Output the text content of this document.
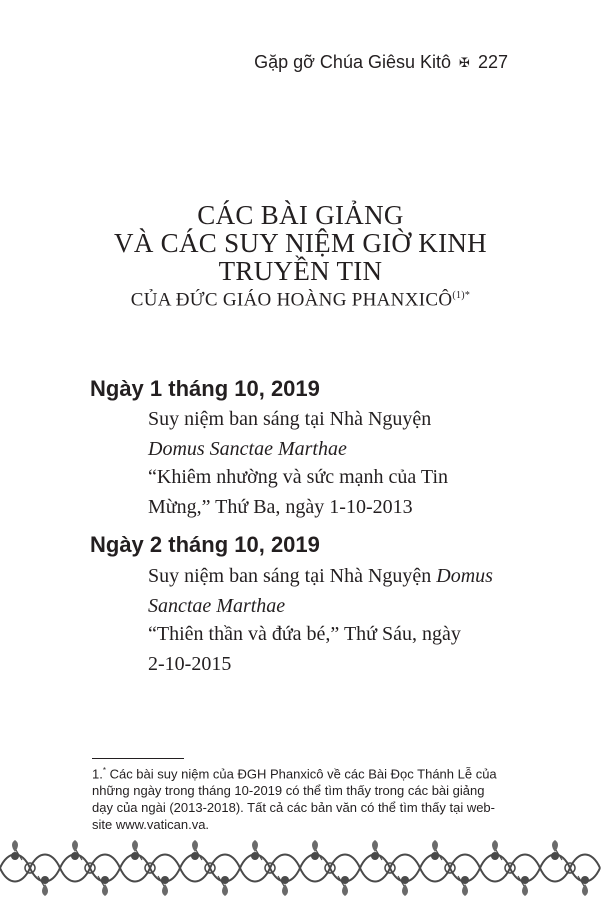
Gặp gỡ Chúa Giêsu Kitô ✠ 227
CÁC BÀI GIẢNG
VÀ CÁC SUY NIỆM GIỜ KINH
TRUYỀN TIN
CỦA ĐỨC GIÁO HOÀNG $PHANXICÔ^{(1)*}$
Ngày 1 tháng 10, 2019
Suy niệm ban sáng tại Nhà Nguyện
Domus Sanctae Marthae
“Khiêm nhường và sức mạnh của Tin
Mừng,” Thứ Ba, ngày 1-10-2013
Ngày 2 tháng 10, 2019
Suy niệm ban sáng tại Nhà Nguyện Domus
Sanctae Marthae
“Thiên thần và đứa bé,” Thứ Sáu, ngày
2-10-2015
1.* Các bài suy niệm của ĐGH Phanxicô về các Bài Đọc Thánh Lễ của
những ngày trong tháng 10-2019 có thể tìm thấy trong các bài giảng
dạy của ngài (2013-2018). Tất cả các bản văn có thể tìm thấy tại web-
site www.vatican.va.
